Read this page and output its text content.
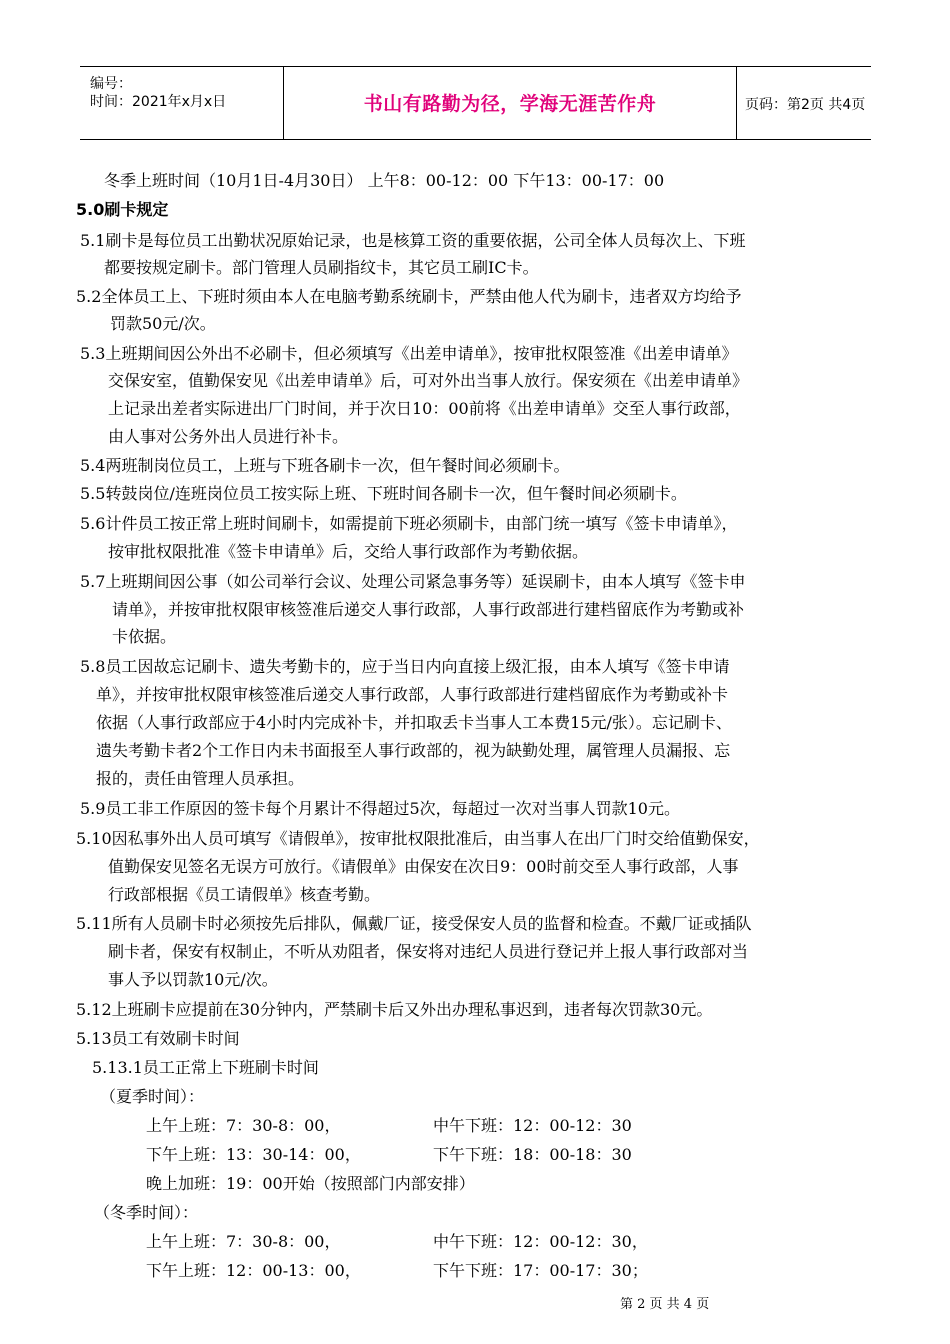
编号：
时间：2021年x月x日	书山有路勤为径，学海无涯苦作舟	页码：第2页 共4页
冬季上班时间（10月1日-4月30日） 上午8：00-12：00 下午13：00-17：00
5.0刷卡规定
5.1刷卡是每位员工出勤状况原始记录，也是核算工资的重要依据，公司全体人员每次上、下班
都要按规定刷卡。部门管理人员刷指纹卡，其它员工刷IC卡。
5.2全体员工上、下班时须由本人在电脑考勤系统刷卡，严禁由他人代为刷卡，违者双方均给予
罚款50元/次。
5.3上班期间因公外出不必刷卡，但必须填写《出差申请单》，按审批权限签准《出差申请单》
交保安室，值勤保安见《出差申请单》后，可对外出当事人放行。保安须在《出差申请单》
上记录出差者实际进出厂门时间，并于次日10：00前将《出差申请单》交至人事行政部，
由人事对公务外出人员进行补卡。
5.4两班制岗位员工，上班与下班各刷卡一次，但午餐时间必须刷卡。
5.5转鼓岗位/连班岗位员工按实际上班、下班时间各刷卡一次，但午餐时间必须刷卡。
5.6计件员工按正常上班时间刷卡，如需提前下班必须刷卡，由部门统一填写《签卡申请单》，
按审批权限批准《签卡申请单》后，交给人事行政部作为考勤依据。
5.7上班期间因公事（如公司举行会议、处理公司紧急事务等）延误刷卡，由本人填写《签卡申
请单》，并按审批权限审核签准后递交人事行政部，人事行政部进行建档留底作为考勤或补
卡依据。
5.8员工因故忘记刷卡、遗失考勤卡的，应于当日内向直接上级汇报，由本人填写《签卡申请
单》，并按审批权限审核签准后递交人事行政部，人事行政部进行建档留底作为考勤或补卡
依据（人事行政部应于4小时内完成补卡，并扣取丢卡当事人工本费15元/张）。忘记刷卡、
遗失考勤卡者2个工作日内未书面报至人事行政部的，视为缺勤处理，属管理人员漏报、忘
报的，责任由管理人员承担。
5.9员工非工作原因的签卡每个月累计不得超过5次，每超过一次对当事人罚款10元。
5.10因私事外出人员可填写《请假单》，按审批权限批准后，由当事人在出厂门时交给值勤保安，
值勤保安见签名无误方可放行。《请假单》由保安在次日9：00时前交至人事行政部，人事
行政部根据《员工请假单》核查考勤。
5.11所有人员刷卡时必须按先后排队，佩戴厂证，接受保安人员的监督和检查。不戴厂证或插队
刷卡者，保安有权制止，不听从劝阻者，保安将对违纪人员进行登记并上报人事行政部对当
事人予以罚款10元/次。
5.12上班刷卡应提前在30分钟内，严禁刷卡后又外出办理私事迟到，违者每次罚款30元。
5.13员工有效刷卡时间
5.13.1员工正常上下班刷卡时间
（夏季时间）：
上午上班：7：30-8：00，	中午下班：12：00-12：30
下午上班：13：30-14：00，	下午下班：18：00-18：30
晚上加班：19：00开始（按照部门内部安排）
（冬季时间）：
上午上班：7：30-8：00，	中午下班：12：00-12：30，
下午上班：12：00-13：00，	下午下班：17：00-17：30；
第 2 页 共 4 页
